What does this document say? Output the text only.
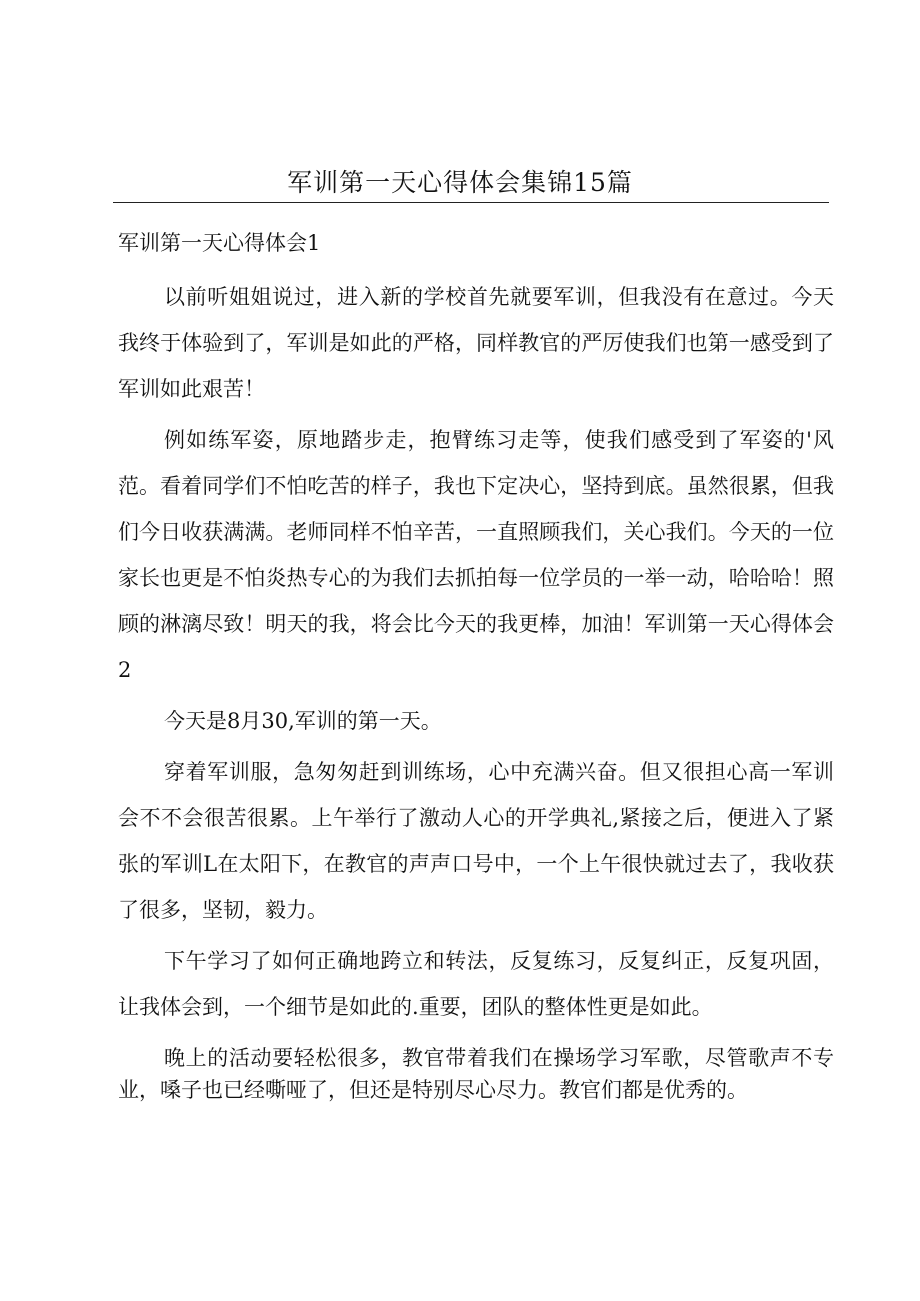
军训第一天心得体会集锦15篇
军训第一天心得体会1

以前听姐姐说过，进入新的学校首先就要军训，但我没有在意过。今天我终于体验到了，军训是如此的严格，同样教官的严厉使我们也第一感受到了军训如此艰苦！

例如练军姿，原地踏步走，抱臂练习走等，使我们感受到了军姿的'风范。看着同学们不怕吃苦的样子，我也下定决心，坚持到底。虽然很累，但我们今日收获满满。老师同样不怕辛苦，一直照顾我们，关心我们。今天的一位家长也更是不怕炎热专心的为我们去抓拍每一位学员的一举一动，哈哈哈！照顾的淋漓尽致！明天的我，将会比今天的我更棒，加油！军训第一天心得体会2

今天是8月30,军训的第一天。

穿着军训服，急匆匆赶到训练场，心中充满兴奋。但又很担心高一军训会不不会很苦很累。上午举行了激动人心的开学典礼,紧接之后，便进入了紧张的军训L在太阳下，在教官的声声口号中，一个上午很快就过去了，我收获了很多，坚韧，毅力。

下午学习了如何正确地跨立和转法，反复练习，反复纠正，反复巩固，让我体会到，一个细节是如此的.重要，团队的整体性更是如此。

晚上的活动要轻松很多，教官带着我们在操场学习军歌，尽管歌声不专业，嗓子也已经嘶哑了，但还是特别尽心尽力。教官们都是优秀的。
